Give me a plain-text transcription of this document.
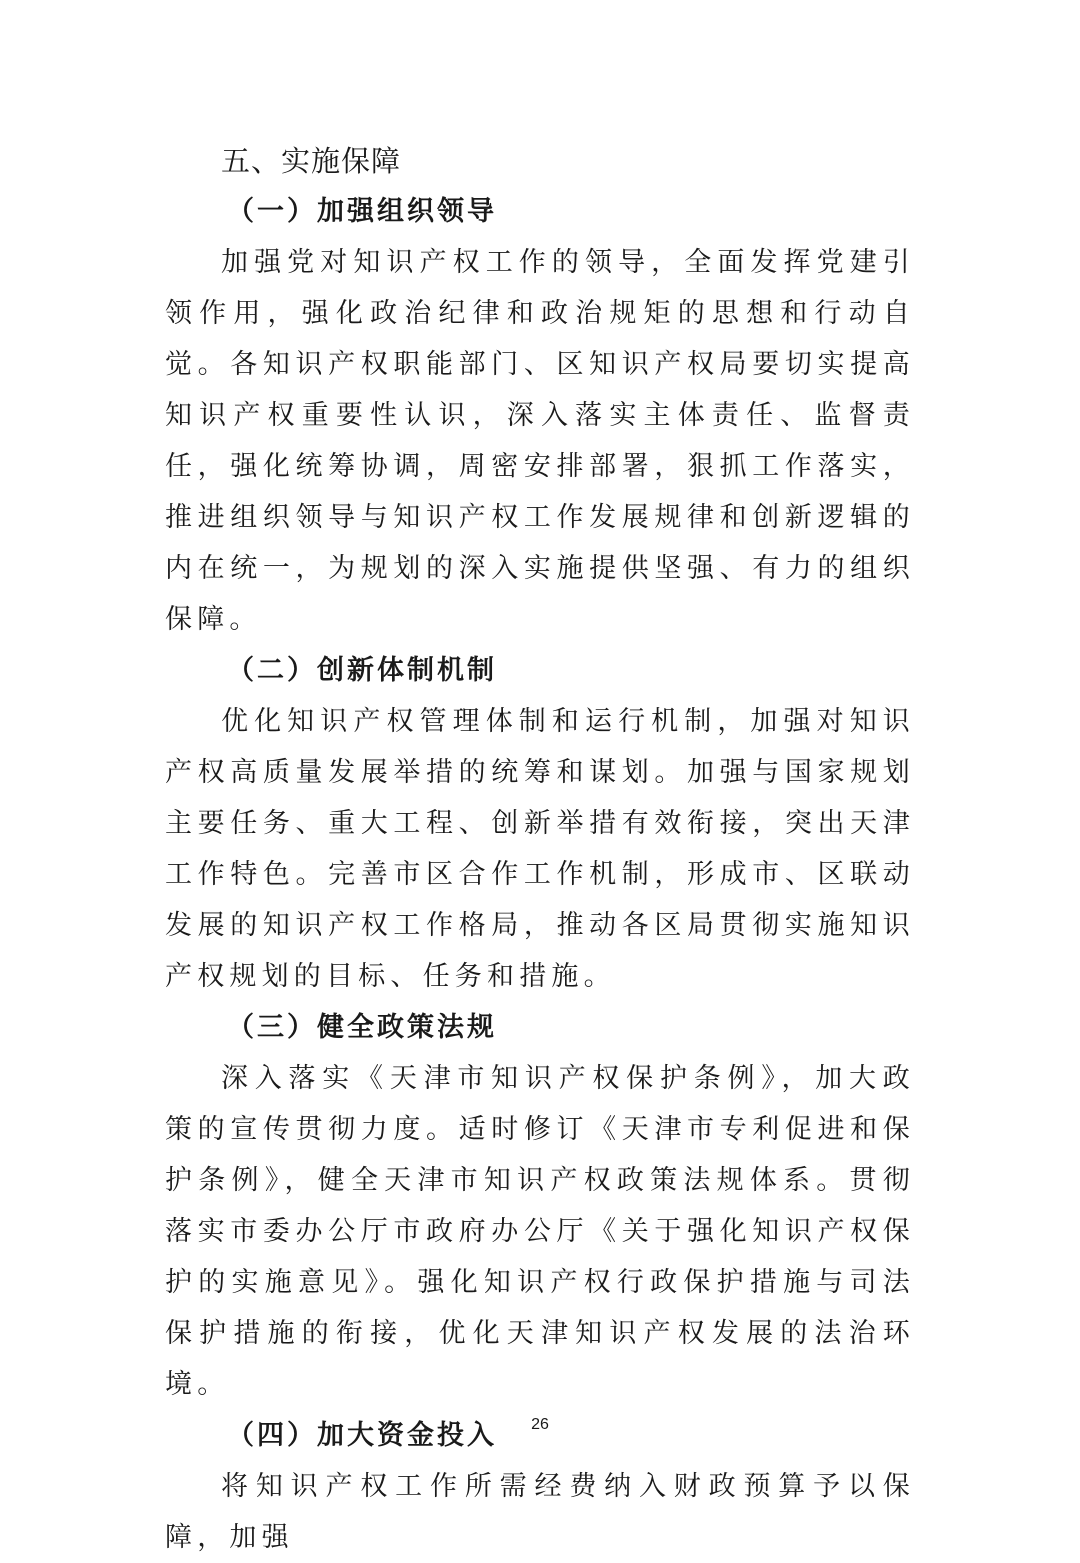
五、实施保障
（一）加强组织领导

加强党对知识产权工作的领导，全面发挥党建引领作用，强化政治纪律和政治规矩的思想和行动自觉。各知识产权职能部门、区知识产权局要切实提高知识产权重要性认识，深入落实主体责任、监督责任，强化统筹协调，周密安排部署，狠抓工作落实，推进组织领导与知识产权工作发展规律和创新逻辑的内在统一，为规划的深入实施提供坚强、有力的组织保障。

（二）创新体制机制

优化知识产权管理体制和运行机制，加强对知识产权高质量发展举措的统筹和谋划。加强与国家规划主要任务、重大工程、创新举措有效衔接，突出天津工作特色。完善市区合作工作机制，形成市、区联动发展的知识产权工作格局，推动各区局贯彻实施知识产权规划的目标、任务和措施。

（三）健全政策法规

深入落实《天津市知识产权保护条例》，加大政策的宣传贯彻力度。适时修订《天津市专利促进和保护条例》，健全天津市知识产权政策法规体系。贯彻落实市委办公厅市政府办公厅《关于强化知识产权保护的实施意见》。强化知识产权行政保护措施与司法保护措施的衔接，优化天津知识产权发展的法治环境。

（四）加大资金投入

将知识产权工作所需经费纳入财政预算予以保障，加强

26
